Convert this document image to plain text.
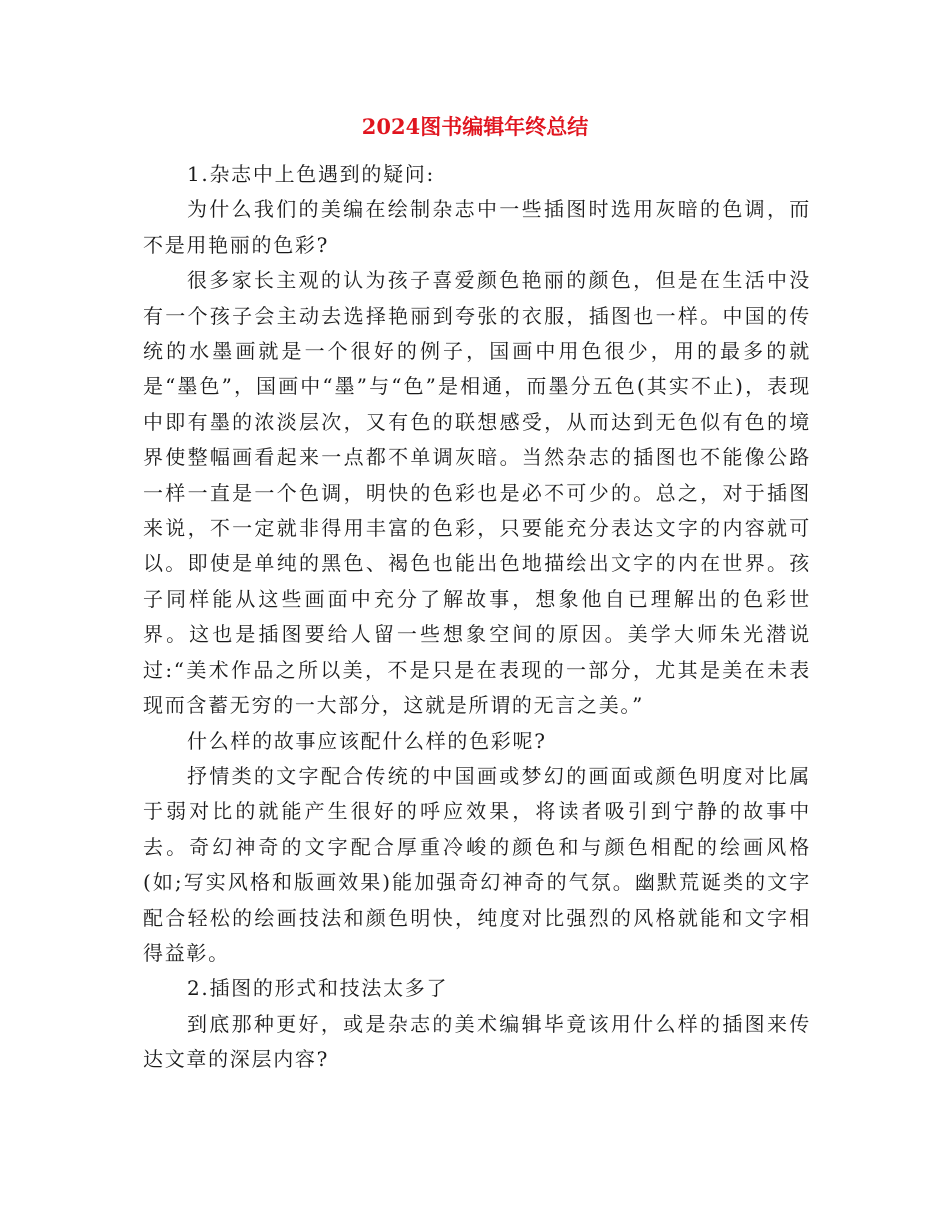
2024图书编辑年终总结

1.杂志中上色遇到的疑问:

为什么我们的美编在绘制杂志中一些插图时选用灰暗的色调，而不是用艳丽的色彩?

很多家长主观的认为孩子喜爱颜色艳丽的颜色，但是在生活中没有一个孩子会主动去选择艳丽到夸张的衣服，插图也一样。中国的传统的水墨画就是一个很好的例子，国画中用色很少，用的最多的就是“墨色”，国画中“墨”与“色”是相通，而墨分五色(其实不止)，表现中即有墨的浓淡层次，又有色的联想感受，从而达到无色似有色的境界使整幅画看起来一点都不单调灰暗。当然杂志的插图也不能像公路一样一直是一个色调，明快的色彩也是必不可少的。总之，对于插图来说，不一定就非得用丰富的色彩，只要能充分表达文字的内容就可以。即使是单纯的黑色、褐色也能出色地描绘出文字的内在世界。孩子同样能从这些画面中充分了解故事，想象他自已理解出的色彩世界。这也是插图要给人留一些想象空间的原因。美学大师朱光潜说过:“美术作品之所以美，不是只是在表现的一部分，尤其是美在未表现而含蓄无穷的一大部分，这就是所谓的无言之美。”

什么样的故事应该配什么样的色彩呢?

抒情类的文字配合传统的中国画或梦幻的画面或颜色明度对比属于弱对比的就能产生很好的呼应效果，将读者吸引到宁静的故事中去。奇幻神奇的文字配合厚重冷峻的颜色和与颜色相配的绘画风格(如;写实风格和版画效果)能加强奇幻神奇的气氛。幽默荒诞类的文字配合轻松的绘画技法和颜色明快，纯度对比强烈的风格就能和文字相得益彰。

2.插图的形式和技法太多了

到底那种更好，或是杂志的美术编辑毕竟该用什么样的插图来传达文章的深层内容?
